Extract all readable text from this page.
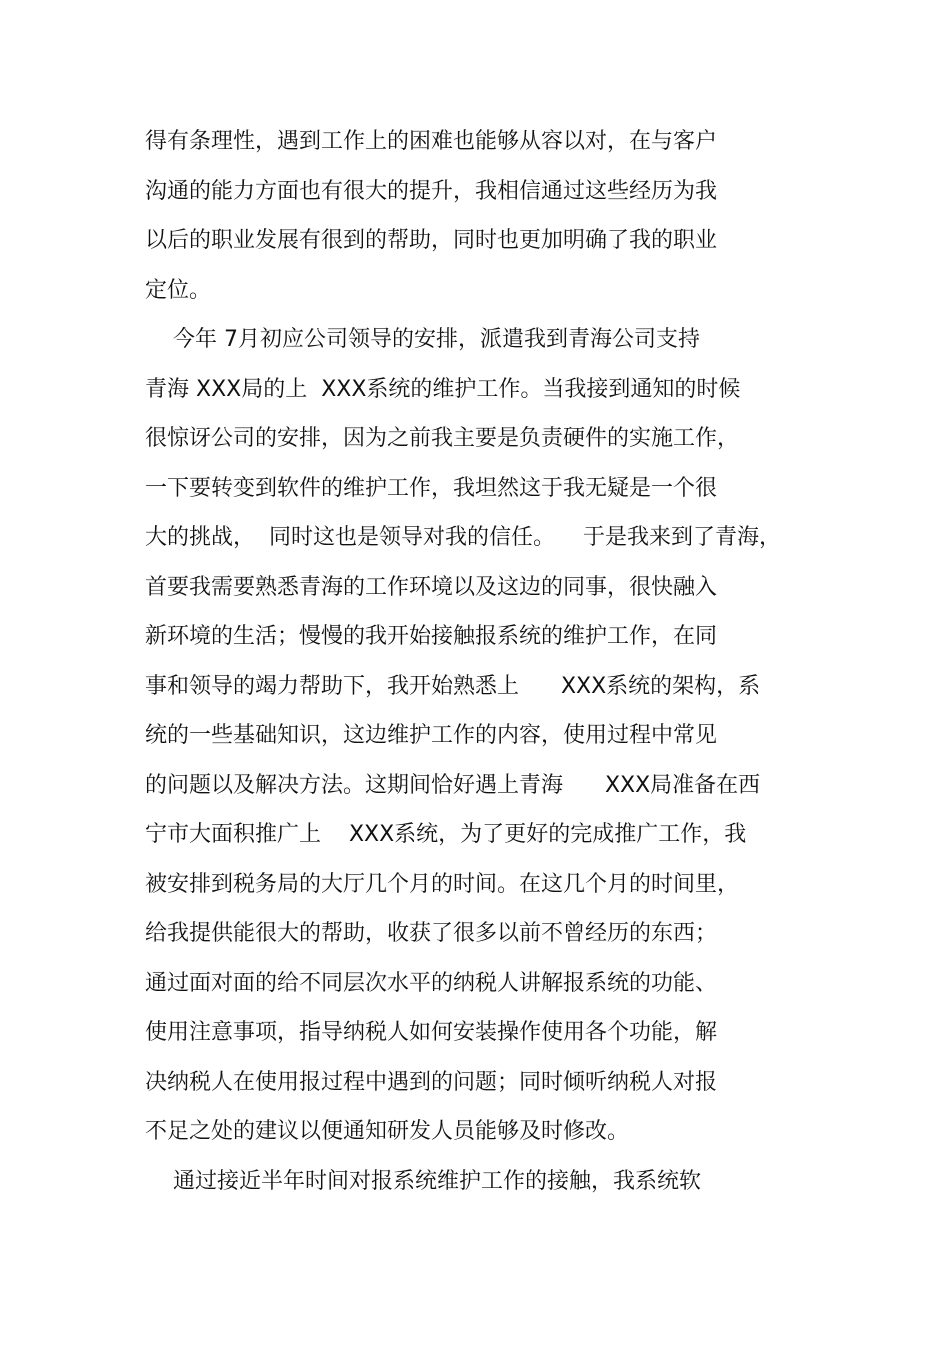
得有条理性，遇到工作上的困难也能够从容以对，在与客户
沟通的能力方面也有很大的提升，我相信通过这些经历为我
以后的职业发展有很到的帮助，同时也更加明确了我的职业
定位。
今年 7月初应公司领导的安排，派遣我到青海公司支持
青海 XXX局的上  XXX系统的维护工作。当我接到通知的时候
很惊讶公司的安排，因为之前我主要是负责硬件的实施工作，
一下要转变到软件的维护工作，我坦然这于我无疑是一个很
大的挑战，  同时这也是领导对我的信任。    于是我来到了青海，
首要我需要熟悉青海的工作环境以及这边的同事，很快融入
新环境的生活；慢慢的我开始接触报系统的维护工作，在同
事和领导的竭力帮助下，我开始熟悉上      XXX系统的架构，系
统的一些基础知识，这边维护工作的内容，使用过程中常见
的问题以及解决方法。这期间恰好遇上青海      XXX局准备在西
宁市大面积推广上    XXX系统，为了更好的完成推广工作，我
被安排到税务局的大厅几个月的时间。在这几个月的时间里，
给我提供能很大的帮助，收获了很多以前不曾经历的东西；
通过面对面的给不同层次水平的纳税人讲解报系统的功能、
使用注意事项，指导纳税人如何安装操作使用各个功能，解
决纳税人在使用报过程中遇到的问题；同时倾听纳税人对报
不足之处的建议以便通知研发人员能够及时修改。
通过接近半年时间对报系统维护工作的接触，我系统软
